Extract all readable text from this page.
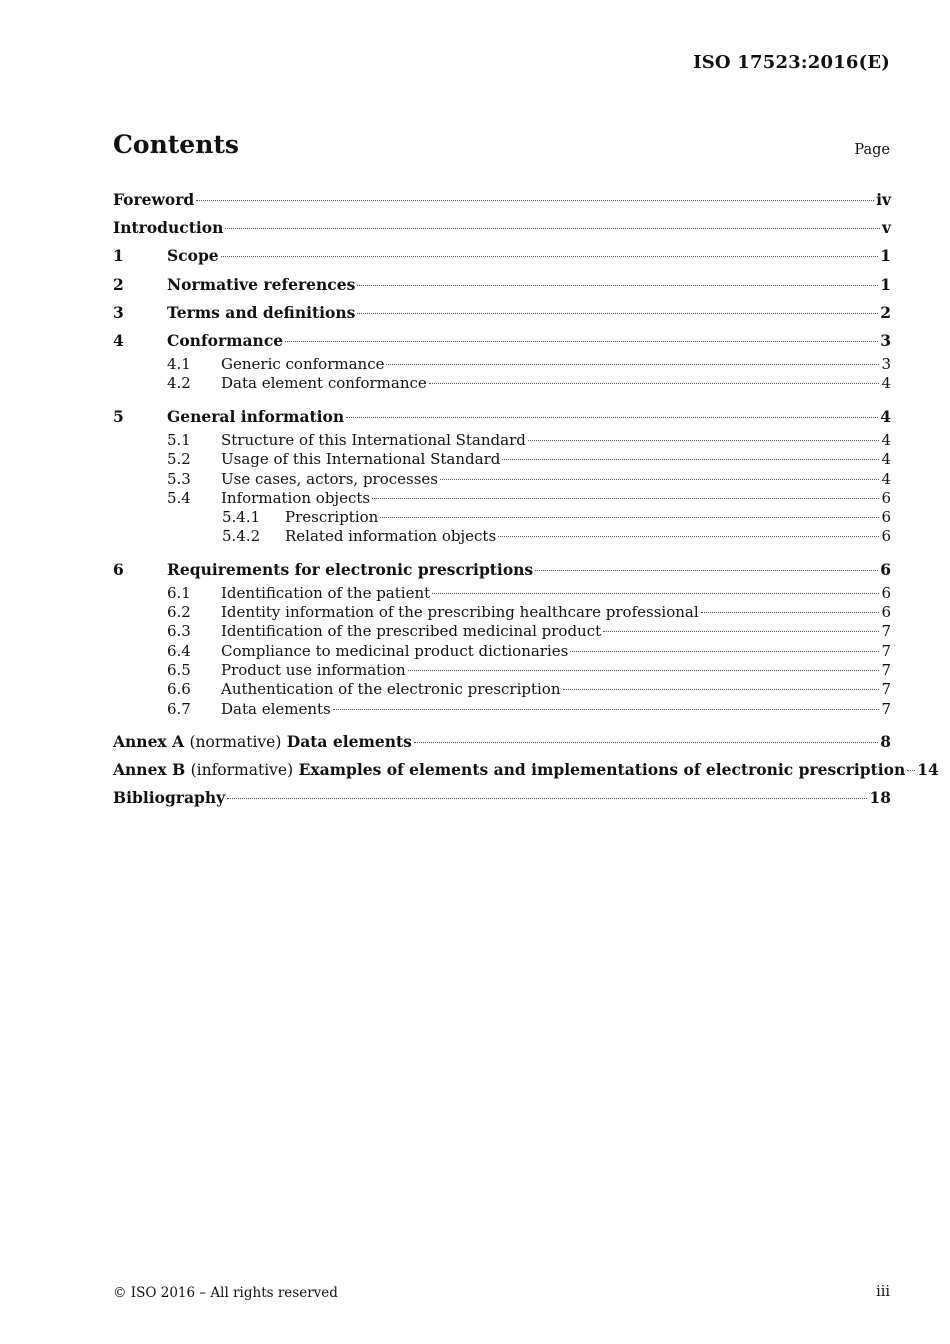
ISO 17523:2016(E)
Contents	Page
Foreword	iv
Introduction	v
1	Scope	1
2	Normative references	1
3	Terms and definitions	2
4	Conformance	3
4.1	Generic conformance	3
4.2	Data element conformance	4
5	General information	4
5.1	Structure of this International Standard	4
5.2	Usage of this International Standard	4
5.3	Use cases, actors, processes	4
5.4	Information objects	6
5.4.1	Prescription	6
5.4.2	Related information objects	6
6	Requirements for electronic prescriptions	6
6.1	Identification of the patient	6
6.2	Identity information of the prescribing healthcare professional	6
6.3	Identification of the prescribed medicinal product	7
6.4	Compliance to medicinal product dictionaries	7
6.5	Product use information	7
6.6	Authentication of the electronic prescription	7
6.7	Data elements	7
Annex A (normative) Data elements	8
Annex B (informative) Examples of elements and implementations of electronic prescription 14
Bibliography	18
© ISO 2016 – All rights reserved	iii
